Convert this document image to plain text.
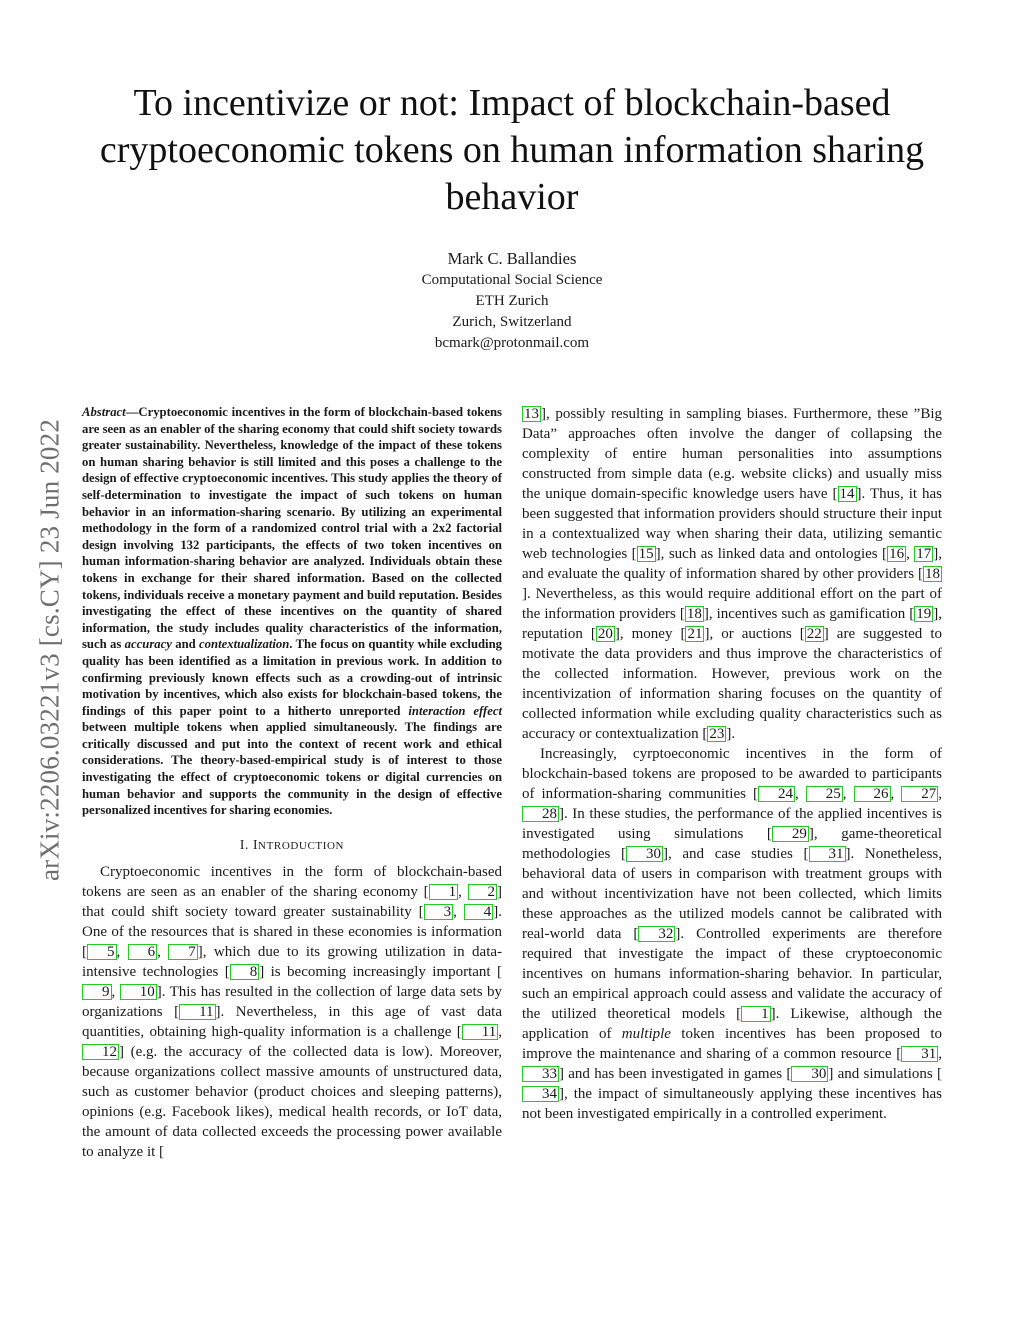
arXiv:2206.03221v3 [cs.CY] 23 Jun 2022
To incentivize or not: Impact of blockchain-based cryptoeconomic tokens on human information sharing behavior
Mark C. Ballandies
Computational Social Science
ETH Zurich
Zurich, Switzerland
bcmark@protonmail.com

Abstract—Cryptoeconomic incentives in the form of blockchain-based tokens are seen as an enabler of the sharing economy that could shift society towards greater sustainability. Nevertheless, knowledge of the impact of these tokens on human sharing behavior is still limited and this poses a challenge to the design of effective cryptoeconomic incentives. This study applies the theory of self-determination to investigate the impact of such tokens on human behavior in an information-sharing scenario. By utilizing an experimental methodology in the form of a randomized control trial with a 2x2 factorial design involving 132 participants, the effects of two token incentives on human information-sharing behavior are analyzed. Individuals obtain these tokens in exchange for their shared information. Based on the collected tokens, individuals receive a monetary payment and build reputation. Besides investigating the effect of these incentives on the quantity of shared information, the study includes quality characteristics of the information, such as accuracy and contextualization. The focus on quantity while excluding quality has been identified as a limitation in previous work. In addition to confirming previously known effects such as a crowding-out of intrinsic motivation by incentives, which also exists for blockchain-based tokens, the findings of this paper point to a hitherto unreported interaction effect between multiple tokens when applied simultaneously. The findings are critically discussed and put into the context of recent work and ethical considerations. The theory-based-empirical study is of interest to those investigating the effect of cryptoeconomic tokens or digital currencies on human behavior and supports the community in the design of effective personalized incentives for sharing economies.

I. INTRODUCTION

Cryptoeconomic incentives in the form of blockchain-based tokens are seen as an enabler of the sharing economy [ 1 , 2 ] that could shift society toward greater sustainability [ 3 , 4 ]. One of the resources that is shared in these economies is information [ 5 , 6 , 7 ], which due to its growing utilization in data-intensive technologies [ 8 ] is becoming increasingly important [9 , 10 ]. This has resulted in the collection of large data sets by organizations [ 11 ]. Nevertheless, in this age of vast data quantities, obtaining high-quality information is a challenge [ 11 , 12 ] (e.g. the accuracy of the collected data is low). Moreover, because organizations collect massive amounts of unstructured data, such as customer behavior (product choices and sleeping patterns), opinions (e.g. Facebook likes), medical health records, or IoT data, the amount of data collected exceeds the processing power available to analyze it [

13 ], possibly resulting in sampling biases. Furthermore, these ”Big Data” approaches often involve the danger of collapsing the complexity of entire human personalities into assumptions constructed from simple data (e.g. website clicks) and usually miss the unique domain-specific knowledge users have [ 14 ]. Thus, it has been suggested that information providers should structure their input in a contextualized way when sharing their data, utilizing semantic web technologies [ 15 ], such as linked data and ontologies [ 16 , 17 ], and evaluate the quality of information shared by other providers [ 18]. Nevertheless, as this would require additional effort on the part of the information providers [ 18 ], incentives such as gamification [ 19 ], reputation [ 20 ], money [ 21 ], or auctions [ 22 ] are suggested to motivate the data providers and thus improve the characteristics of the collected information. However, previous work on the incentivization of information sharing focuses on the quantity of collected information while excluding quality characteristics such as accuracy or contextualization [ 23 ].

Increasingly, cyrptoeconomic incentives in the form of blockchain-based tokens are proposed to be awarded to participants of information-sharing communities [ 24 , 25 , 26 , 27 , 28 ]. In these studies, the performance of the applied incentives is investigated using simulations [ 29 ], game-theoretical methodologies [ 30 ], and case studies [ 31 ]. Nonetheless, behavioral data of users in comparison with treatment groups with and without incentivization have not been collected, which limits these approaches as the utilized models cannot be calibrated with real-world data [ 32 ]. Controlled experiments are therefore required that investigate the impact of these cryptoeconomic incentives on humans information-sharing behavior. In particular, such an empirical approach could assess and validate the accuracy of the utilized theoretical models [ 1 ]. Likewise, although the application of multiple token incentives has been proposed to improve the maintenance and sharing of a common resource [ 31 , 33 ] and has been investigated in games [ 30 ] and simulations [34 ], the impact of simultaneously applying these incentives has not been investigated empirically in a controlled experiment.
